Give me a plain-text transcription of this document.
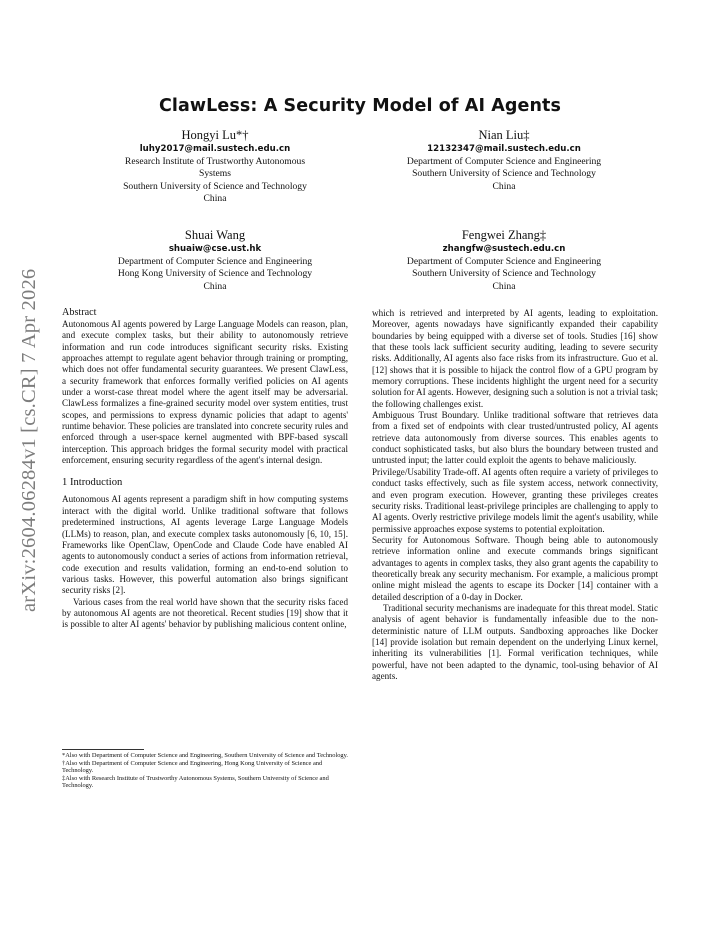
arXiv:2604.06284v1 [cs.CR] 7 Apr 2026
ClawLess: A Security Model of AI Agents
Hongyi Lu*†
luhy2017@mail.sustech.edu.cn
Research Institute of Trustworthy Autonomous
Systems
Southern University of Science and Technology
China
Nian Liu‡
12132347@mail.sustech.edu.cn
Department of Computer Science and Engineering
Southern University of Science and Technology
China
Shuai Wang
shuaiw@cse.ust.hk
Department of Computer Science and Engineering
Hong Kong University of Science and Technology
China
Fengwei Zhang‡
zhangfw@sustech.edu.cn
Department of Computer Science and Engineering
Southern University of Science and Technology
China

Abstract

Autonomous AI agents powered by Large Language Models can reason, plan, and execute complex tasks, but their ability to autonomously retrieve information and run code introduces significant security risks. Existing approaches attempt to regulate agent behavior through training or prompting, which does not offer fundamental security guarantees. We present ClawLess, a security framework that enforces formally verified policies on AI agents under a worst-case threat model where the agent itself may be adversarial. ClawLess formalizes a fine-grained security model over system entities, trust scopes, and permissions to express dynamic policies that adapt to agents' runtime behavior. These policies are translated into concrete security rules and enforced through a user-space kernel augmented with BPF-based syscall interception. This approach bridges the formal security model with practical enforcement, ensuring security regardless of the agent's internal design.

1 Introduction

Autonomous AI agents represent a paradigm shift in how computing systems interact with the digital world. Unlike traditional software that follows predetermined instructions, AI agents leverage Large Language Models (LLMs) to reason, plan, and execute complex tasks autonomously [6, 10, 15]. Frameworks like OpenClaw, OpenCode and Claude Code have enabled AI agents to autonomously conduct a series of actions from information retrieval, code execution and results validation, forming an end-to-end solution to various tasks. However, this powerful automation also brings significant security risks [2].

Various cases from the real world have shown that the security risks faced by autonomous AI agents are not theoretical. Recent studies [19] show that it is possible to alter AI agents' behavior by publishing malicious content online,

*Also with Department of Computer Science and Engineering, Southern University of Science and Technology.

†Also with Department of Computer Science and Engineering, Hong Kong University of Science and Technology.

‡Also with Research Institute of Trustworthy Autonomous Systems, Southern University of Science and Technology.

which is retrieved and interpreted by AI agents, leading to exploitation. Moreover, agents nowadays have significantly expanded their capability boundaries by being equipped with a diverse set of tools. Studies [16] show that these tools lack sufficient security auditing, leading to severe security risks. Additionally, AI agents also face risks from its infrastructure. Guo et al. [12] shows that it is possible to hijack the control flow of a GPU program by memory corruptions. These incidents highlight the urgent need for a security solution for AI agents. However, designing such a solution is not a trivial task; the following challenges exist.

Ambiguous Trust Boundary. Unlike traditional software that retrieves data from a fixed set of endpoints with clear trusted/untrusted policy, AI agents retrieve data autonomously from diverse sources. This enables agents to conduct sophisticated tasks, but also blurs the boundary between trusted and untrusted input; the latter could exploit the agents to behave maliciously.

Privilege/Usability Trade-off. AI agents often require a variety of privileges to conduct tasks effectively, such as file system access, network connectivity, and even program execution. However, granting these privileges creates security risks. Traditional least-privilege principles are challenging to apply to AI agents. Overly restrictive privilege models limit the agent's usability, while permissive approaches expose systems to potential exploitation.

Security for Autonomous Software. Though being able to autonomously retrieve information online and execute commands brings significant advantages to agents in complex tasks, they also grant agents the capability to theoretically break any security mechanism. For example, a malicious prompt online might mislead the agents to escape its Docker [14] container with a detailed description of a 0-day in Docker.

Traditional security mechanisms are inadequate for this threat model. Static analysis of agent behavior is fundamentally infeasible due to the non-deterministic nature of LLM outputs. Sandboxing approaches like Docker [14] provide isolation but remain dependent on the underlying Linux kernel, inheriting its vulnerabilities [1]. Formal verification techniques, while powerful, have not been adapted to the dynamic, tool-using behavior of AI agents.
